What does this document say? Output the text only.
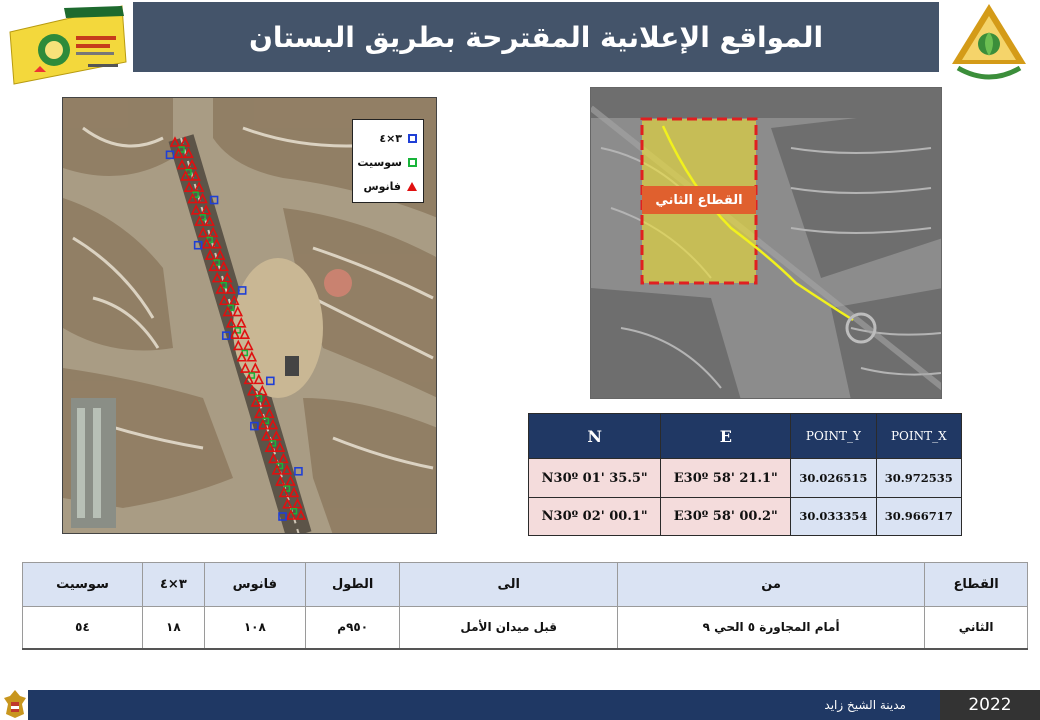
المواقع الإعلانية المقترحة بطريق البستان
٣×٤
سوسيت
فانوس
القطاع الثاني
N	E	POINT_Y	POINT_X
N30º 01' 35.5"	E30º 58' 21.1"	30.026515	30.972535
N30º 02' 00.1"	E30º 58' 00.2"	30.033354	30.966717
القطاع	من	الى	الطول	فانوس	٣×٤	سوسيت
الثاني	أمام المجاورة ٥ الحي ٩	قبل ميدان الأمل	٩٥٠م	١٠٨	١٨	٥٤
مدينة الشيخ زايد	2022
